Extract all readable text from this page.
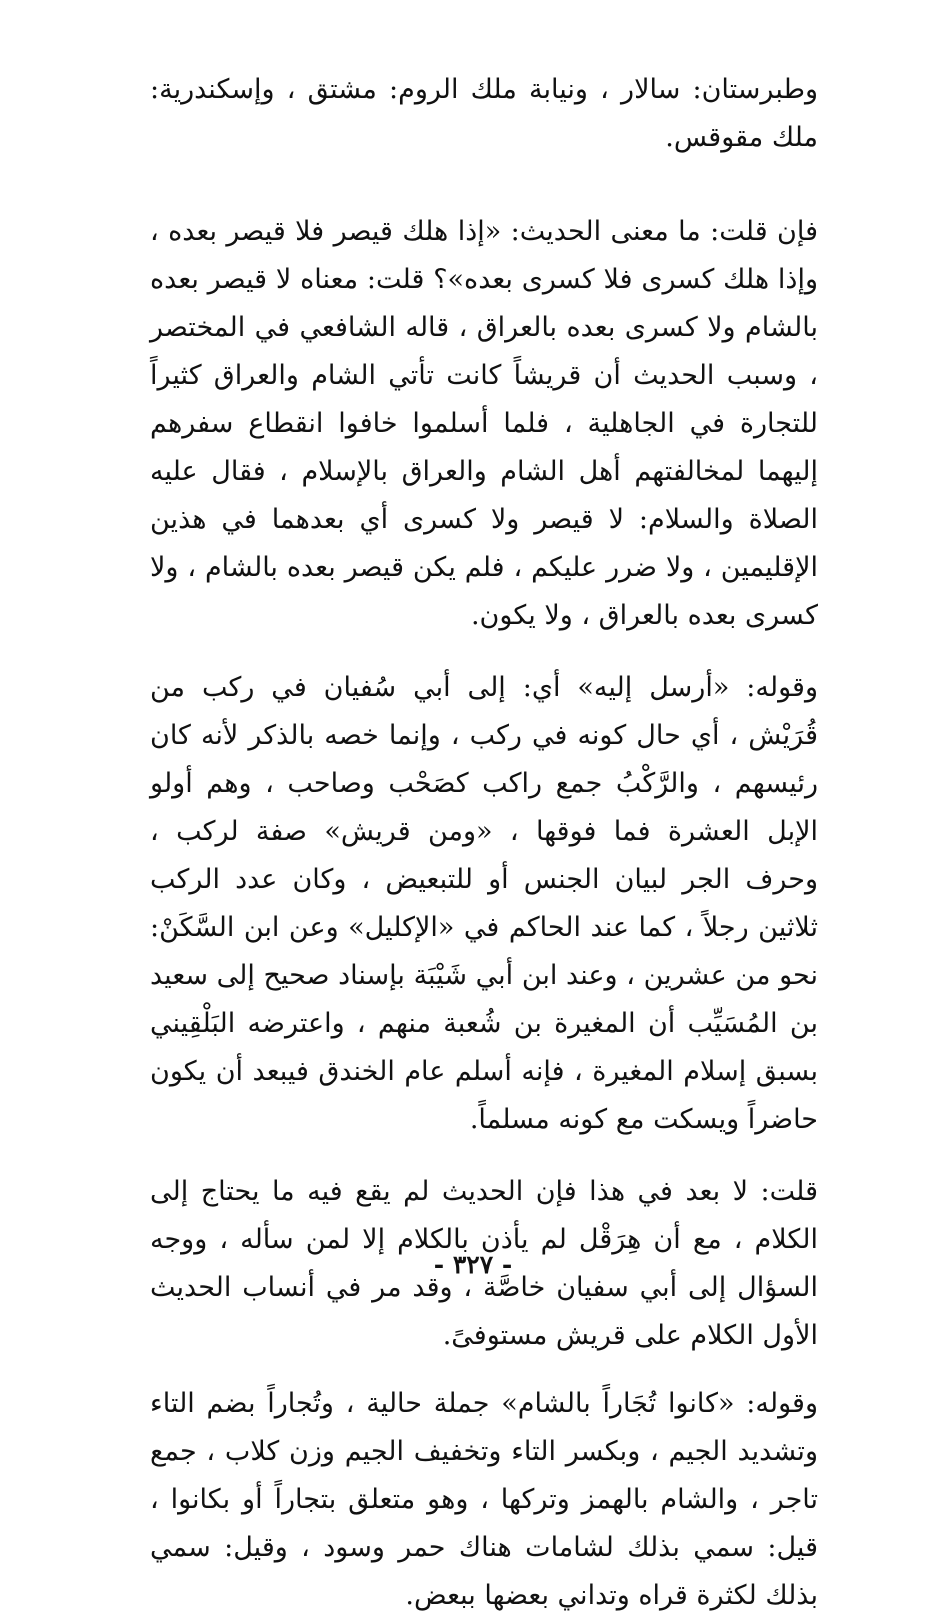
وطبرستان: سالار ، ونيابة ملك الروم: مشتق ، وإسكندرية: ملك مقوقس.

فإن قلت: ما معنى الحديث: «إذا هلك قيصر فلا قيصر بعده ، وإذا هلك كسرى فلا كسرى بعده»؟ قلت: معناه لا قيصر بعده بالشام ولا كسرى بعده بالعراق ، قاله الشافعي في المختصر ، وسبب الحديث أن قريشاً كانت تأتي الشام والعراق كثيراً للتجارة في الجاهلية ، فلما أسلموا خافوا انقطاع سفرهم إليهما لمخالفتهم أهل الشام والعراق بالإسلام ، فقال عليه الصلاة والسلام: لا قيصر ولا كسرى أي بعدهما في هذين الإقليمين ، ولا ضرر عليكم ، فلم يكن قيصر بعده بالشام ، ولا كسرى بعده بالعراق ، ولا يكون.

وقوله: «أرسل إليه» أي: إلى أبي سُفيان في ركب من قُرَيْش ، أي حال كونه في ركب ، وإنما خصه بالذكر لأنه كان رئيسهم ، والرَّكْبُ جمع راكب كصَحْب وصاحب ، وهم أولو الإبل العشرة فما فوقها ، «ومن قريش» صفة لركب ، وحرف الجر لبيان الجنس أو للتبعيض ، وكان عدد الركب ثلاثين رجلاً ، كما عند الحاكم في «الإكليل» وعن ابن السَّكَنْ: نحو من عشرين ، وعند ابن أبي شَيْبَة بإسناد صحيح إلى سعيد بن المُسَيِّب أن المغيرة بن شُعبة منهم ، واعترضه البَلْقِيني بسبق إسلام المغيرة ، فإنه أسلم عام الخندق فيبعد أن يكون حاضراً ويسكت مع كونه مسلماً.

قلت: لا بعد في هذا فإن الحديث لم يقع فيه ما يحتاج إلى الكلام ، مع أن هِرَقْل لم يأذن بالكلام إلا لمن سأله ، ووجه السؤال إلى أبي سفيان خاصَّة ، وقد مر في أنساب الحديث الأول الكلام على قريش مستوفىً.

وقوله: «كانوا تُجَاراً بالشام» جملة حالية ، وتُجاراً بضم التاء وتشديد الجيم ، وبكسر التاء وتخفيف الجيم وزن كلاب ، جمع تاجر ، والشام بالهمز وتركها ، وهو متعلق بتجاراً أو بكانوا ، قيل: سمي بذلك لشامات هناك حمر وسود ، وقيل: سمي بذلك لكثرة قراه وتداني بعضها ببعض.

- ٣٢٧ -
